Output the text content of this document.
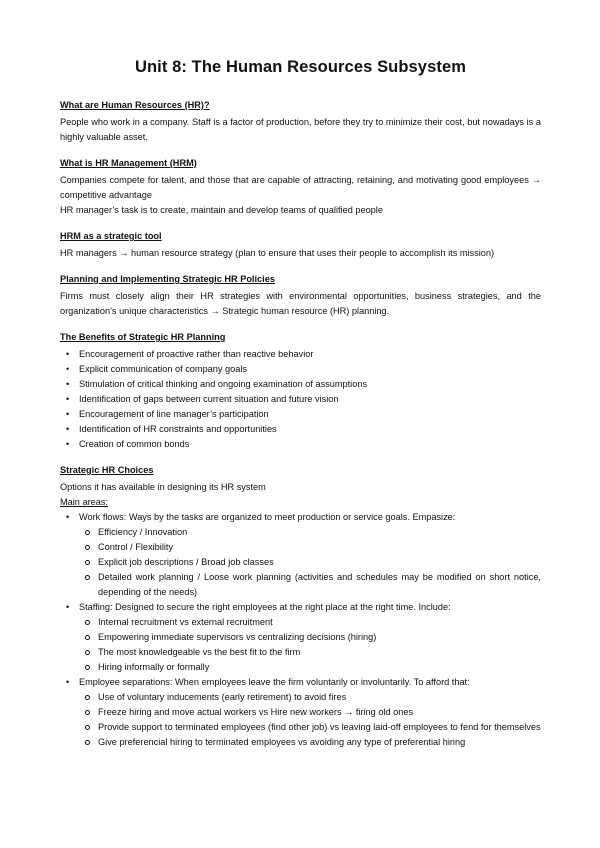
Unit 8: The Human Resources Subsystem
What are Human Resources (HR)?

People who work in a company. Staff is a factor of production, before they try to minimize their cost, but nowadays is a highly valuable asset.

What is HR Management (HRM)

Companies compete for talent, and those that are capable of attracting, retaining, and motivating good employees → competitive advantage

HR manager’s task is to create, maintain and develop teams of qualified people

HRM as a strategic tool

HR managers → human resource strategy (plan to ensure that uses their people to accomplish its mission)

Planning and Implementing Strategic HR Policies

Firms must closely align their HR strategies with environmental opportunities, business strategies, and the organization’s unique characteristics → Strategic human resource (HR) planning.

The Benefits of Strategic HR Planning
• Encouragement of proactive rather than reactive behavior
• Explicit communication of company goals
• Stimulation of critical thinking and ongoing examination of assumptions
• Identification of gaps between current situation and future vision
• Encouragement of line manager’s participation
• Identification of HR constraints and opportunities
• Creation of common bonds
Strategic HR Choices

Options it has available in designing its HR system

Main areas:

• Work flows: Ways by the tasks are organized to meet production or service goals. Empasize:
Efficiency / Innovation
Control / Flexibility
Explicit job descriptions / Broad job classes
Detailed work planning / Loose work planning (activities and schedules may be modified on short notice, depending of the needs)
• Staffing: Designed to secure the right employees at the right place at the right time. Include:
Internal recruitment vs external recruitment
Empowering immediate supervisors vs centralizing decisions (hiring)
The most knowledgeable vs the best fit to the firm
Hiring informally or formally
• Employee separations: When employees leave the firm voluntarily or involuntarily. To afford that:
Use of voluntary inducements (early retirement) to avoid fires
Freeze hiring and move actual workers vs Hire new workers → firing old ones
Provide support to terminated employees (find other job) vs leaving laid-off employees to fend for themselves
Give preferencial hiring to terminated employees vs avoiding any type of preferential hiring
